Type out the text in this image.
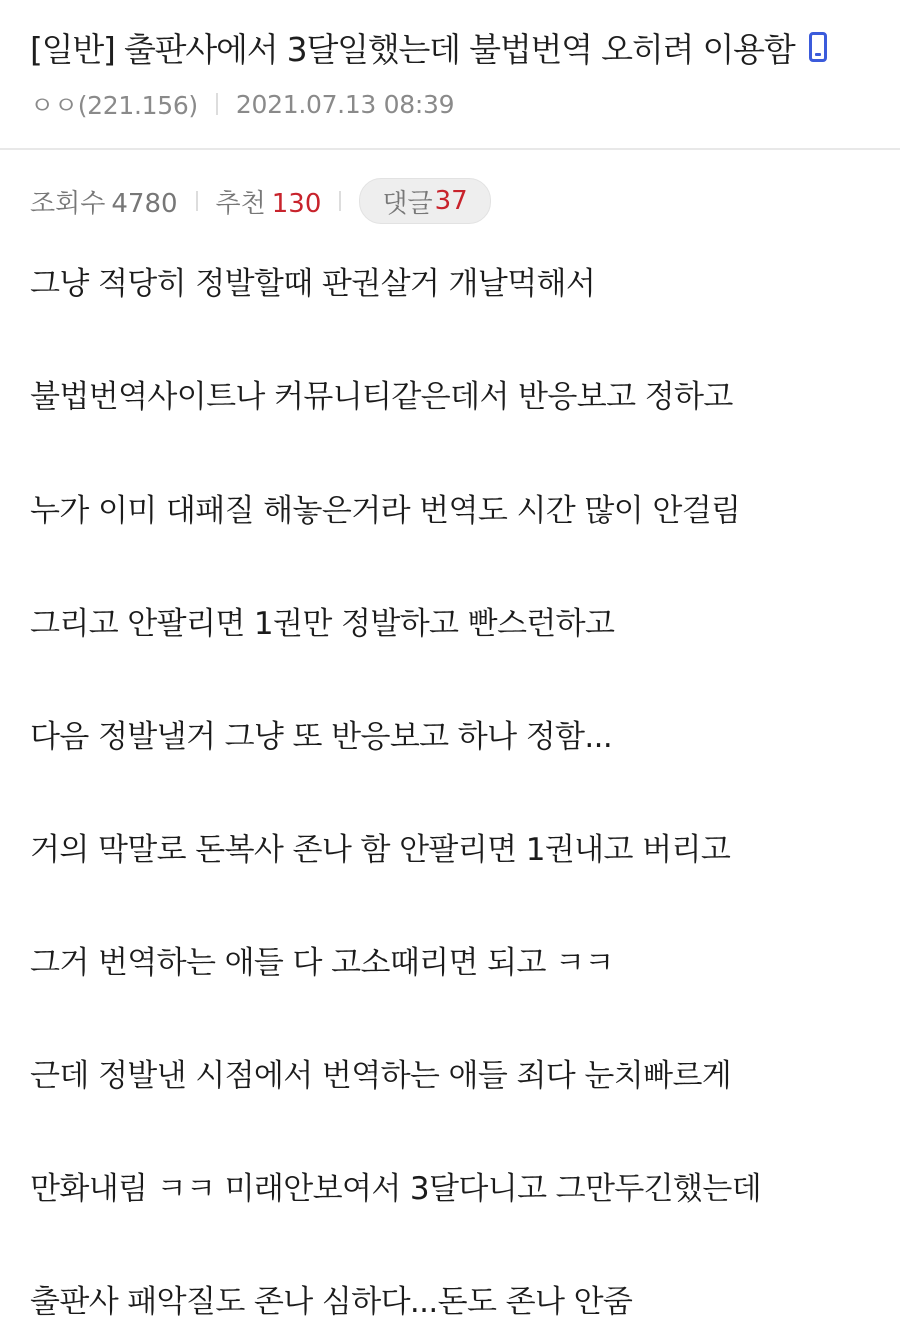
[일반] 출판사에서 3달일했는데 불법번역 오히려 이용함
ㅇㅇ(221.156) 2021.07.13 08:39
조회수 4780 추천 130 댓글 37
그냥 적당히 정발할때 판권살거 개날먹해서
불법번역사이트나 커뮤니티같은데서 반응보고 정하고
누가 이미 대패질 해놓은거라 번역도 시간 많이 안걸림
그리고 안팔리면 1권만 정발하고 빤스런하고
다음 정발낼거 그냥 또 반응보고 하나 정함...
거의 막말로 돈복사 존나 함 안팔리면 1권내고 버리고
그거 번역하는 애들 다 고소때리면 되고 ㅋㅋ
근데 정발낸 시점에서 번역하는 애들 죄다 눈치빠르게
만화내림 ㅋㅋ 미래안보여서 3달다니고 그만두긴했는데
출판사 패악질도 존나 심하다...돈도 존나 안줌
